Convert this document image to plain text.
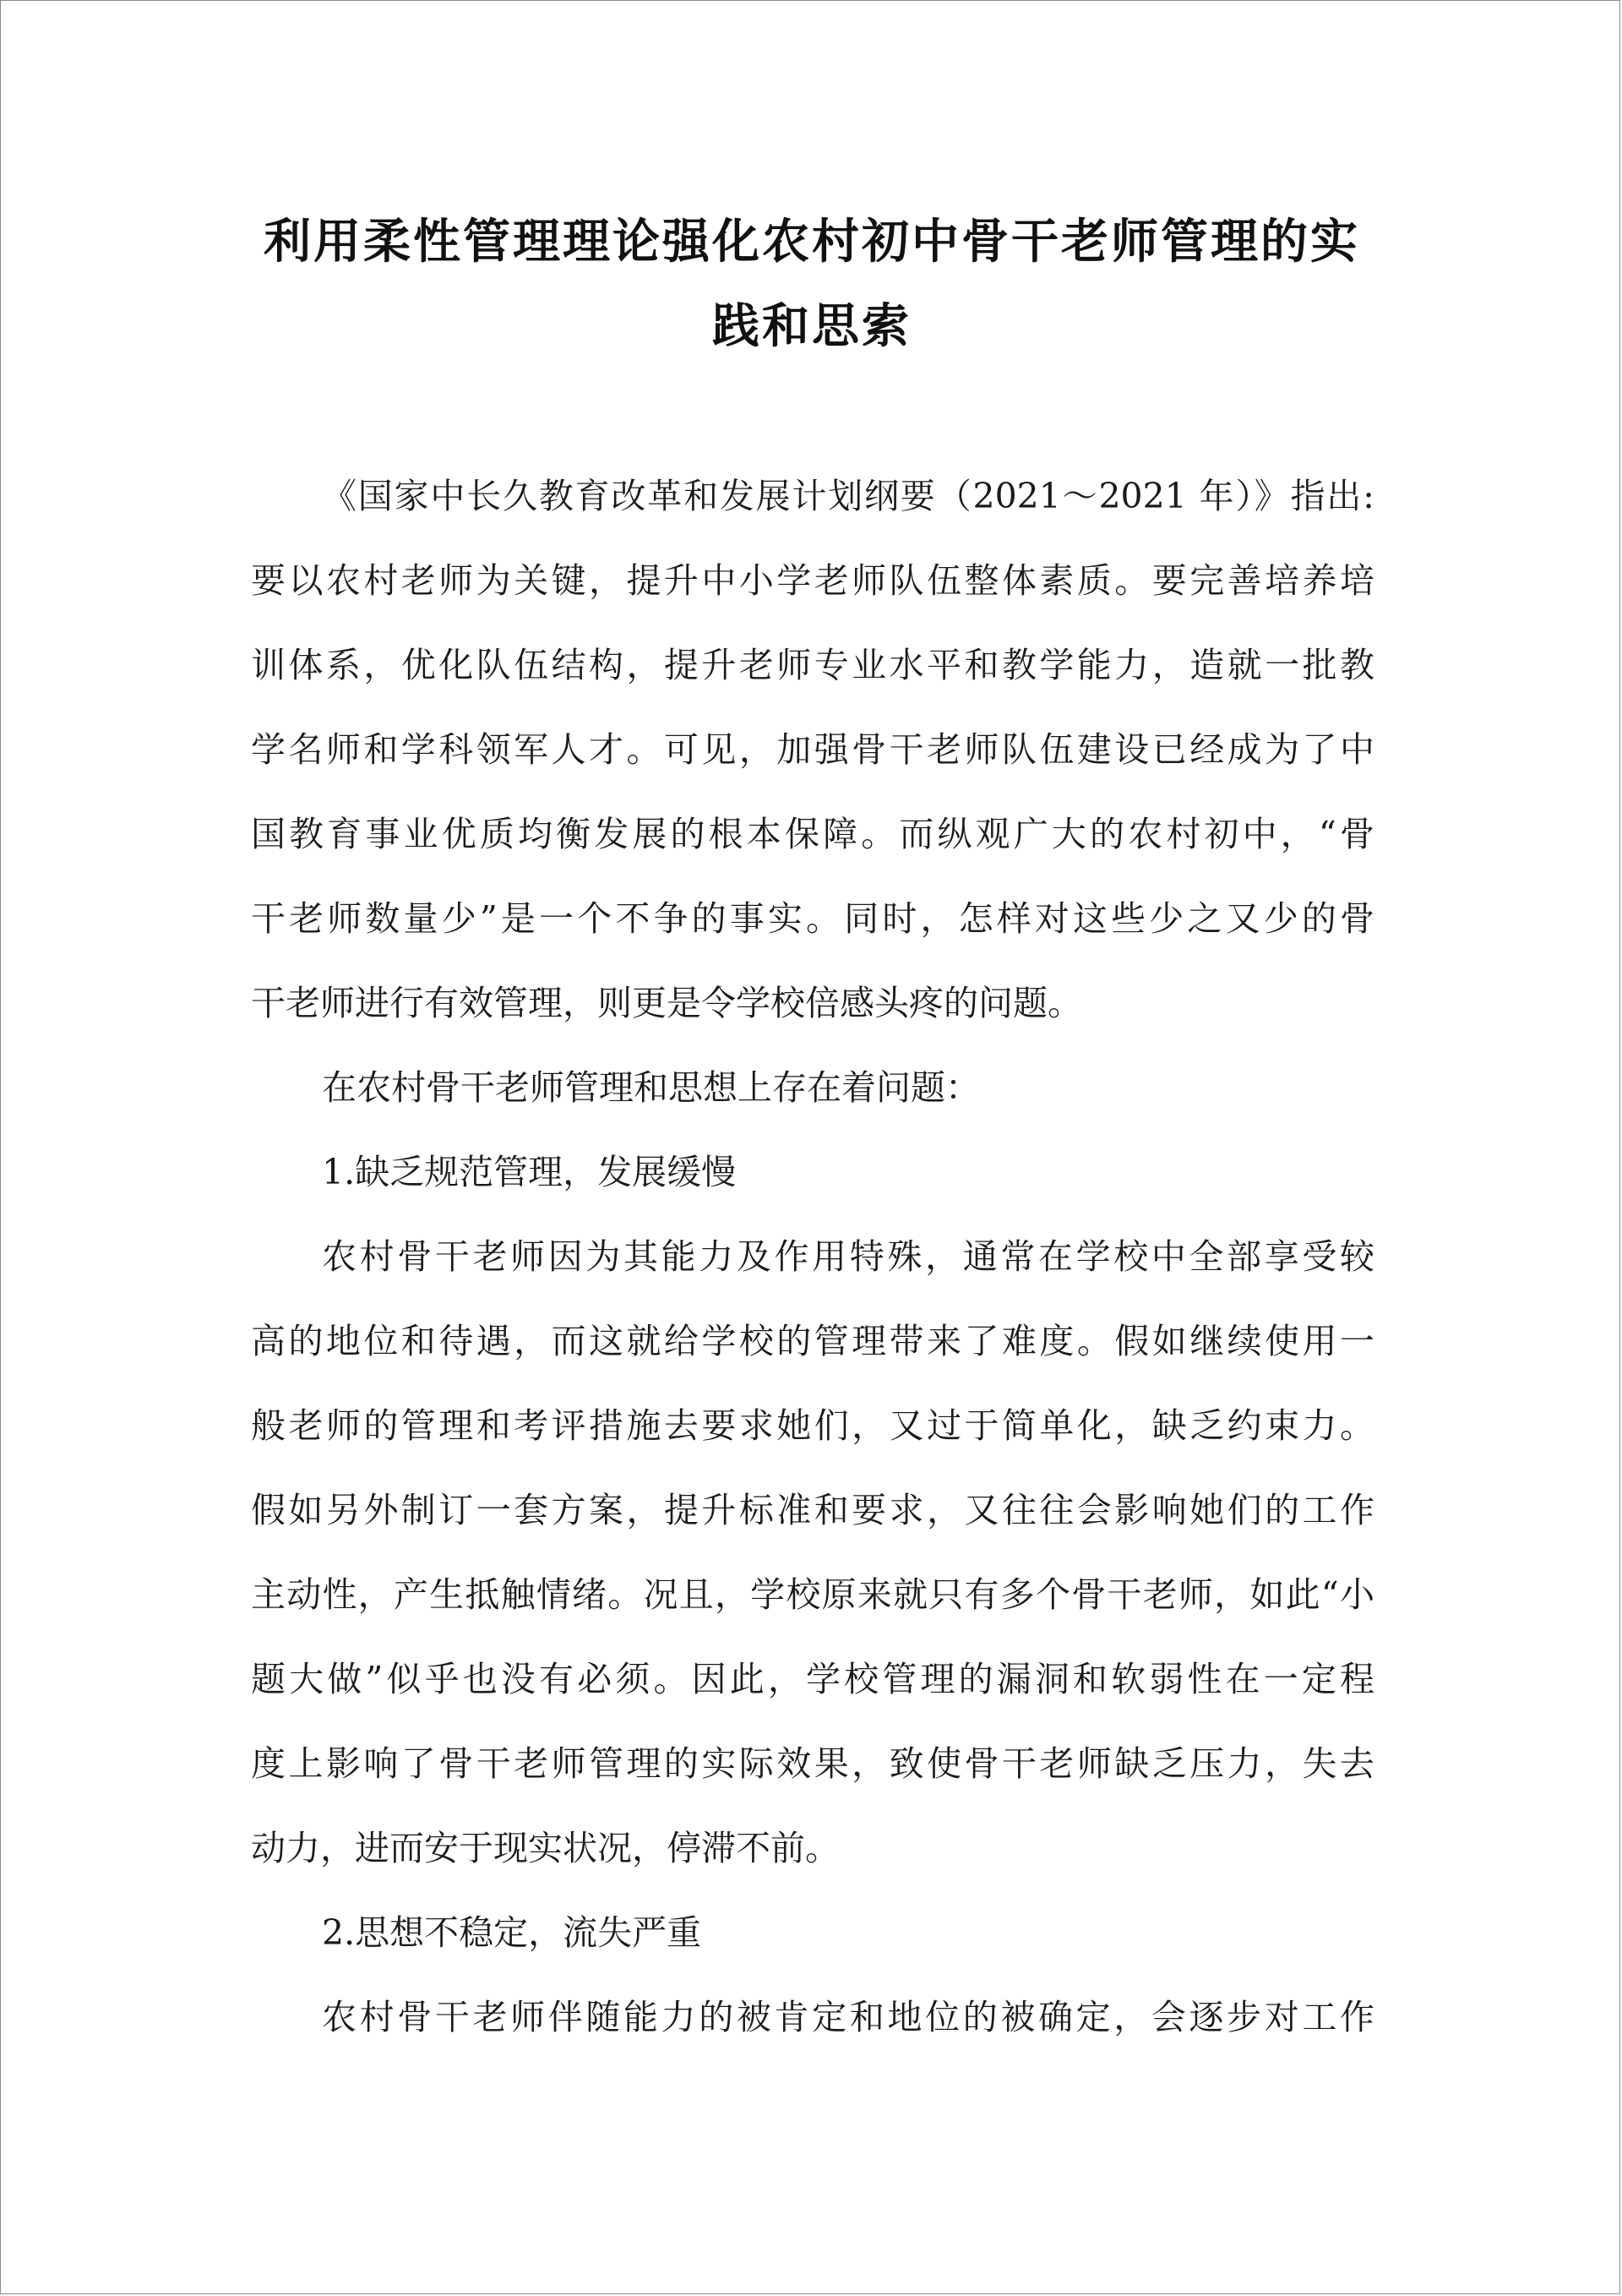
利用柔性管理理论强化农村初中骨干老师管理的实
践和思索
《国家中长久教育改革和发展计划纲要（2021～2021 年）》指出:
要以农村老师为关键，提升中小学老师队伍整体素质。要完善培养培
训体系，优化队伍结构，提升老师专业水平和教学能力，造就一批教
学名师和学科领军人才。可见，加强骨干老师队伍建设已经成为了中
国教育事业优质均衡发展的根本保障。而纵观广大的农村初中，“骨
干老师数量少”是一个不争的事实。同时，怎样对这些少之又少的骨
干老师进行有效管理，则更是令学校倍感头疼的问题。
在农村骨干老师管理和思想上存在着问题：
1.缺乏规范管理，发展缓慢
农村骨干老师因为其能力及作用特殊，通常在学校中全部享受较
高的地位和待遇，而这就给学校的管理带来了难度。假如继续使用一
般老师的管理和考评措施去要求她们，又过于简单化，缺乏约束力。
假如另外制订一套方案，提升标准和要求，又往往会影响她们的工作
主动性，产生抵触情绪。况且，学校原来就只有多个骨干老师，如此“小
题大做”似乎也没有必须。因此，学校管理的漏洞和软弱性在一定程
度上影响了骨干老师管理的实际效果，致使骨干老师缺乏压力，失去
动力，进而安于现实状况，停滞不前。
2.思想不稳定，流失严重
农村骨干老师伴随能力的被肯定和地位的被确定，会逐步对工作
